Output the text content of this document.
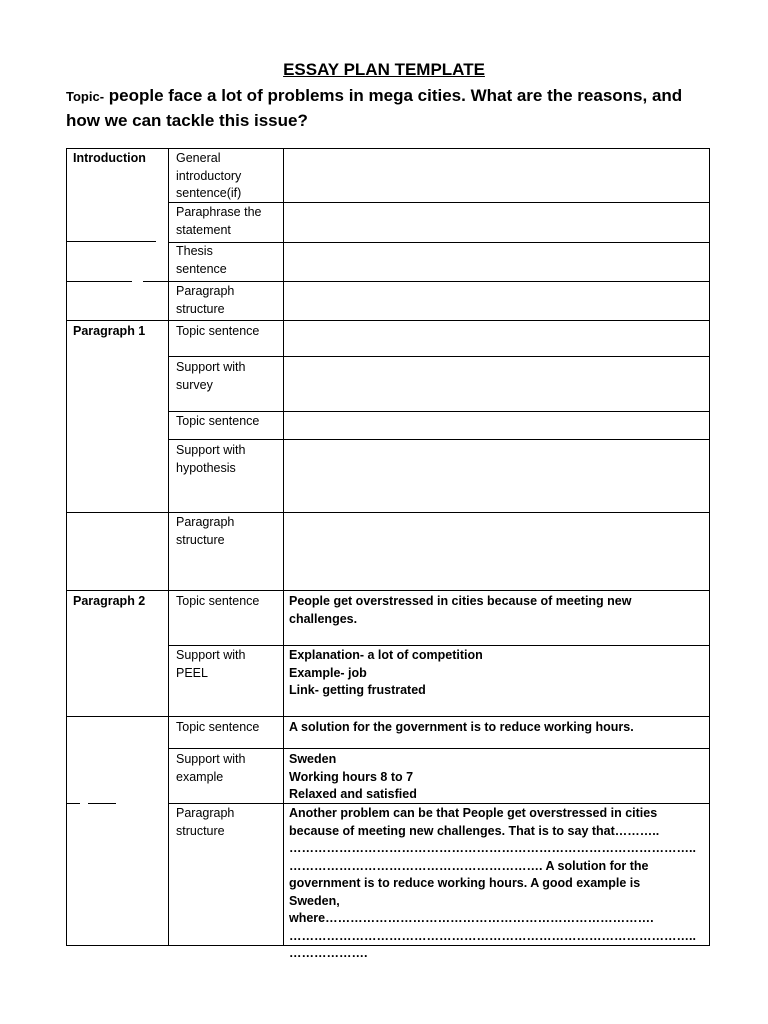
ESSAY PLAN TEMPLATE
Topic- people face a lot of problems in mega cities. What are the reasons, and how we can tackle this issue?
Introduction General
introductory
sentence(if)
Paraphrase the
statement
Thesis
sentence
Paragraph
structure
Paragraph 1 Topic sentence
Support with
survey
Topic sentence
Support with
hypothesis
Paragraph
structure
Paragraph 2 Topic sentence	People get overstressed in cities because of meeting new
challenges.
Support with
PEEL
Explanation- a lot of competition
Example- job
Link- getting frustrated
Topic sentence	A solution for the government is to reduce working hours.
Support with
example
Sweden
Working hours 8 to 7
Relaxed and satisfied
Paragraph
structure
Another problem can be that People get overstressed in cities
because of meeting new challenges. That is to say that………..
……………………………………………………………………………………..
……………………………………………………. A solution for the
government is to reduce working hours. A good example is
Sweden, where…………………………………………………………………….
……………………………………………………………………………………..
……………….
